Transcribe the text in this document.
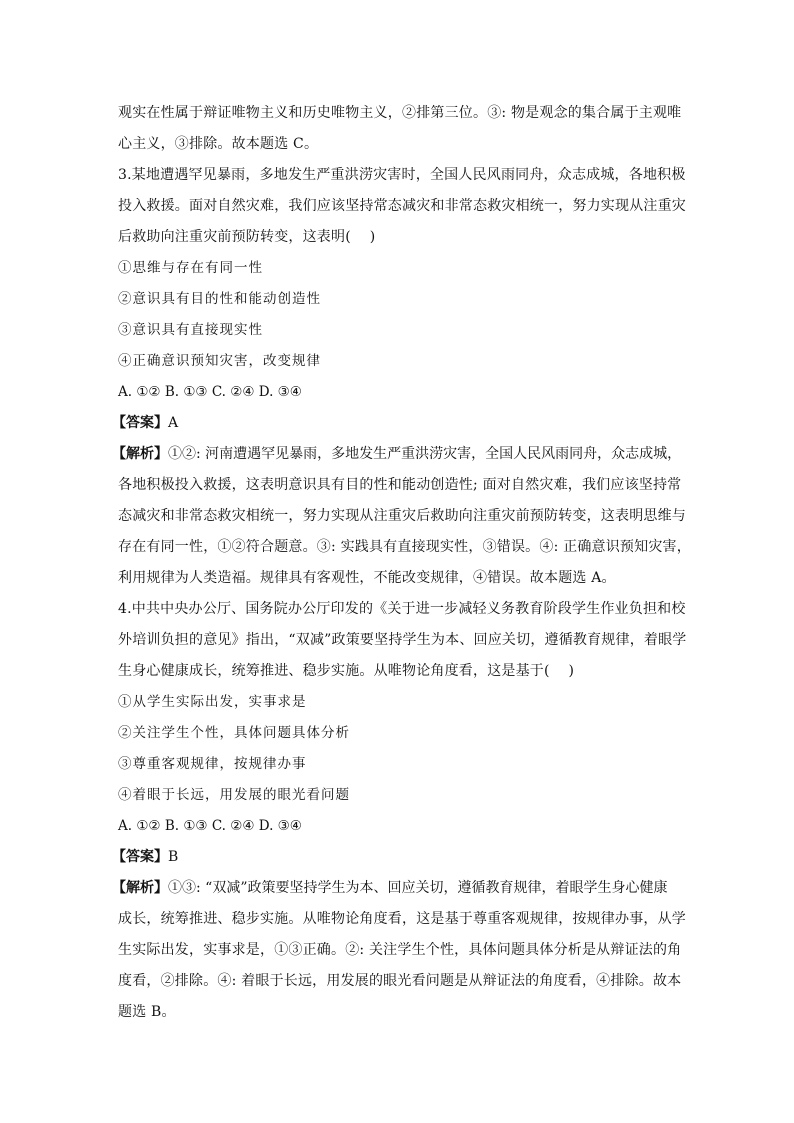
观实在性属于辩证唯物主义和历史唯物主义，②排第三位。③: 物是观念的集合属于主观唯
心主义，③排除。故本题选 C。
3.某地遭遇罕见暴雨，多地发生严重洪涝灾害时，全国人民风雨同舟，众志成城，各地积极
投入救援。面对自然灾难，我们应该坚持常态减灾和非常态救灾相统一，努力实现从注重灾
后救助向注重灾前预防转变，这表明(　 )
①思维与存在有同一性
②意识具有目的性和能动创造性
③意识具有直接现实性
④正确意识预知灾害，改变规律
A. ①② B. ①③ C. ②④ D. ③④
【答案】A
【解析】①②: 河南遭遇罕见暴雨，多地发生严重洪涝灾害，全国人民风雨同舟，众志成城，
各地积极投入救援，这表明意识具有目的性和能动创造性; 面对自然灾难，我们应该坚持常
态减灾和非常态救灾相统一，努力实现从注重灾后救助向注重灾前预防转变，这表明思维与
存在有同一性，①②符合题意。③: 实践具有直接现实性，③错误。④: 正确意识预知灾害，
利用规律为人类造福。规律具有客观性，不能改变规律，④错误。故本题选 A。
4.中共中央办公厅、国务院办公厅印发的《关于进一步减轻义务教育阶段学生作业负担和校
外培训负担的意见》指出，“双减”政策要坚持学生为本、回应关切，遵循教育规律，着眼学
生身心健康成长，统筹推进、稳步实施。从唯物论角度看，这是基于(　 )
①从学生实际出发，实事求是
②关注学生个性，具体问题具体分析
③尊重客观规律，按规律办事
④着眼于长远，用发展的眼光看问题
A. ①② B. ①③ C. ②④ D. ③④
【答案】B
【解析】①③: “双减”政策要坚持学生为本、回应关切，遵循教育规律，着眼学生身心健康
成长，统筹推进、稳步实施。从唯物论角度看，这是基于尊重客观规律，按规律办事，从学
生实际出发，实事求是，①③正确。②: 关注学生个性，具体问题具体分析是从辩证法的角
度看，②排除。④: 着眼于长远，用发展的眼光看问题是从辩证法的角度看，④排除。故本
题选 B。
